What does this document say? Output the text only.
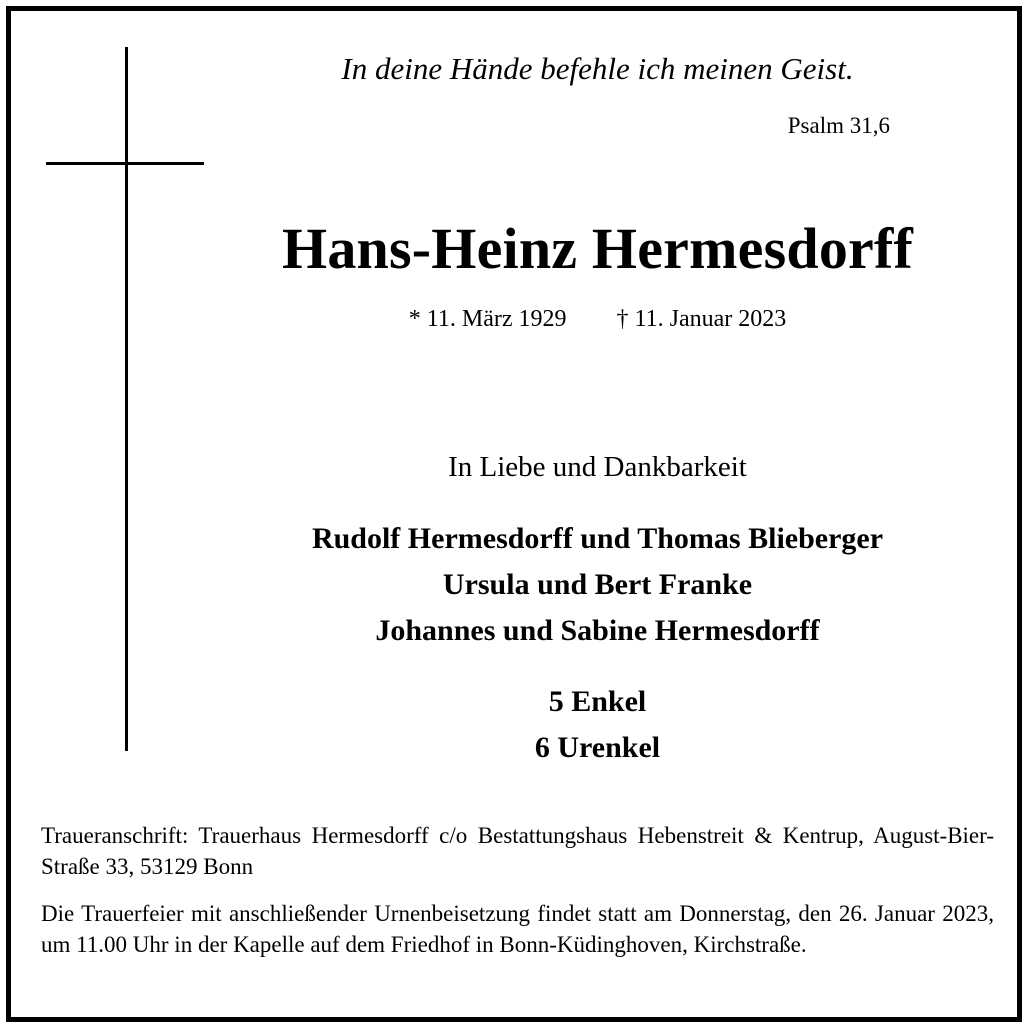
In deine Hände befehle ich meinen Geist.
Psalm 31,6
Hans-Heinz Hermesdorff
* 11. März 1929 † 11. Januar 2023
In Liebe und Dankbarkeit
Rudolf Hermesdorff und Thomas Blieberger
Ursula und Bert Franke
Johannes und Sabine Hermesdorff
5 Enkel
6 Urenkel
Traueranschrift: Trauerhaus Hermesdorff c/o Bestattungshaus Hebenstreit & Kentrup, August-Bier-Straße 33, 53129 Bonn
Die Trauerfeier mit anschließender Urnenbeisetzung findet statt am Donnerstag, den 26. Januar 2023, um 11.00 Uhr in der Kapelle auf dem Friedhof in Bonn-Küdinghoven, Kirchstraße.
